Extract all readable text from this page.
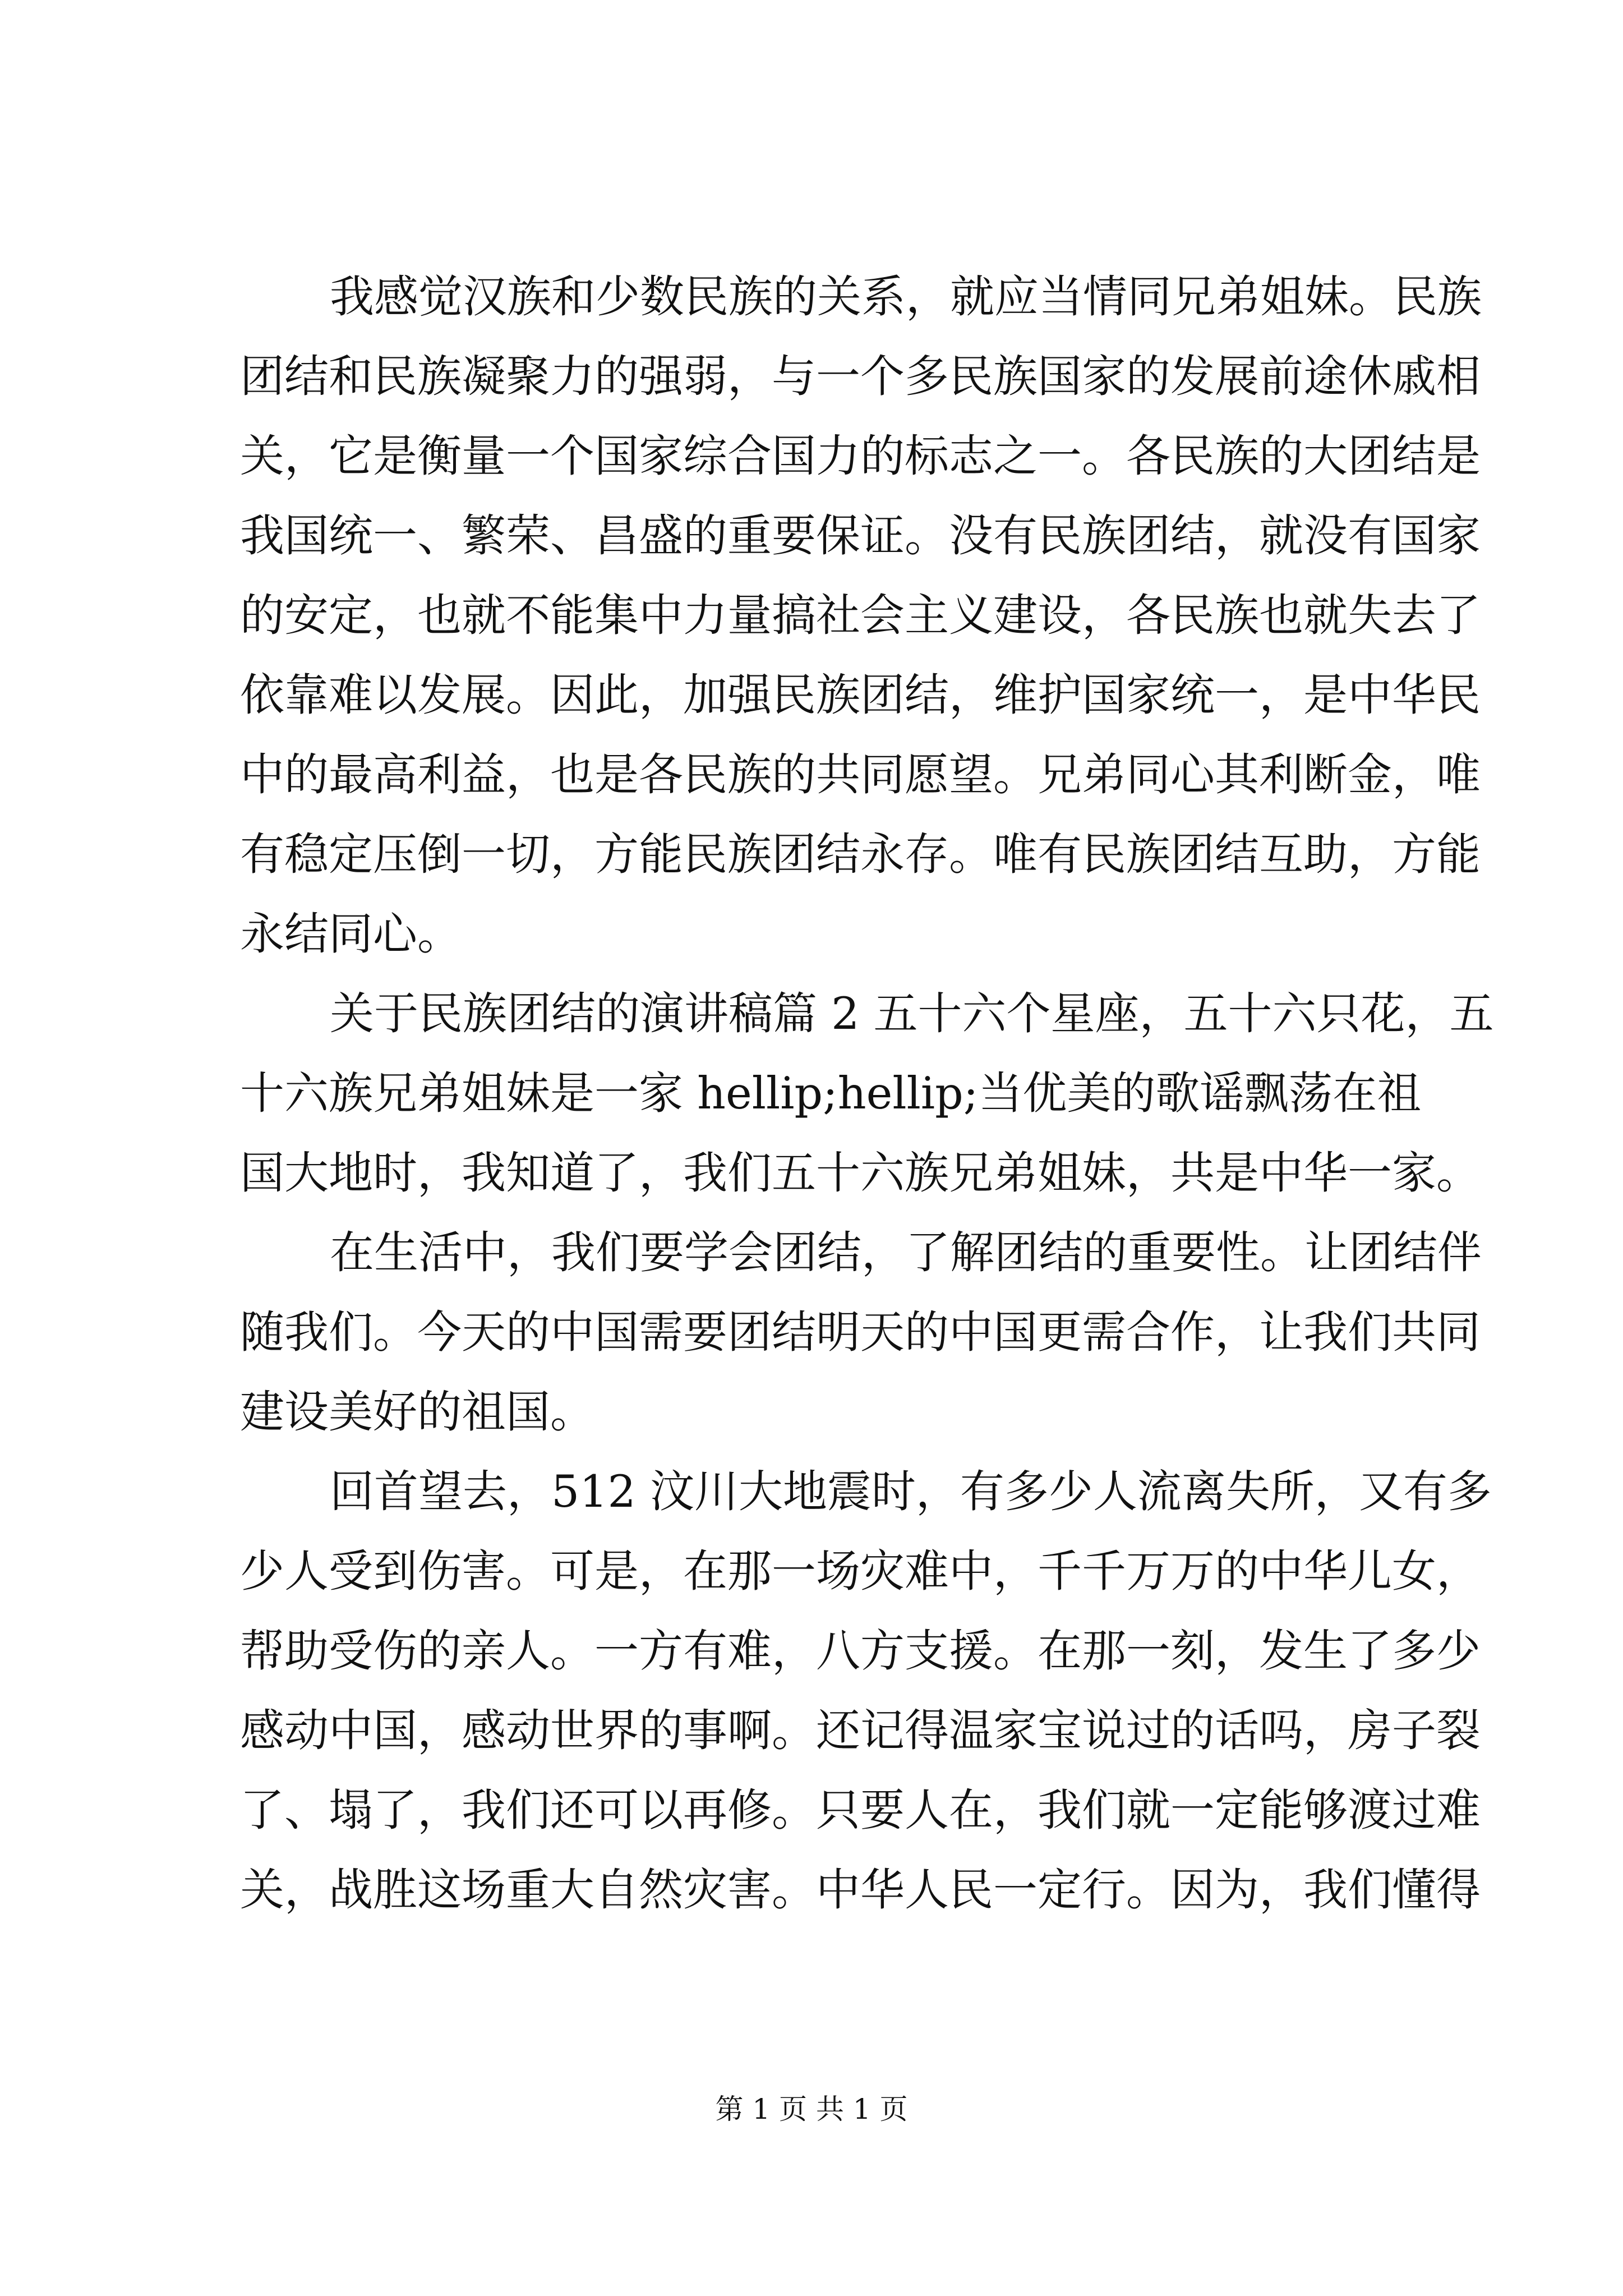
我感觉汉族和少数民族的关系，就应当情同兄弟姐妹。民族
团结和民族凝聚力的强弱，与一个多民族国家的发展前途休戚相
关，它是衡量一个国家综合国力的标志之一。各民族的大团结是
我国统一、繁荣、昌盛的重要保证。没有民族团结，就没有国家
的安定，也就不能集中力量搞社会主义建设，各民族也就失去了
依靠难以发展。因此，加强民族团结，维护国家统一，是中华民
中的最高利益，也是各民族的共同愿望。兄弟同心其利断金，唯
有稳定压倒一切，方能民族团结永存。唯有民族团结互助，方能
永结同心。
关于民族团结的演讲稿篇 2 五十六个星座，五十六只花，五
十六族兄弟姐妹是一家 hellip;hellip;当优美的歌谣飘荡在祖
国大地时，我知道了，我们五十六族兄弟姐妹，共是中华一家。
在生活中，我们要学会团结，了解团结的重要性。让团结伴
随我们。今天的中国需要团结明天的中国更需合作，让我们共同
建设美好的祖国。
回首望去，512 汶川大地震时，有多少人流离失所，又有多
少人受到伤害。可是，在那一场灾难中，千千万万的中华儿女，
帮助受伤的亲人。一方有难，八方支援。在那一刻，发生了多少
感动中国，感动世界的事啊。还记得温家宝说过的话吗，房子裂
了、塌了，我们还可以再修。只要人在，我们就一定能够渡过难
关，战胜这场重大自然灾害。中华人民一定行。因为，我们懂得
第 1 页 共 1 页
